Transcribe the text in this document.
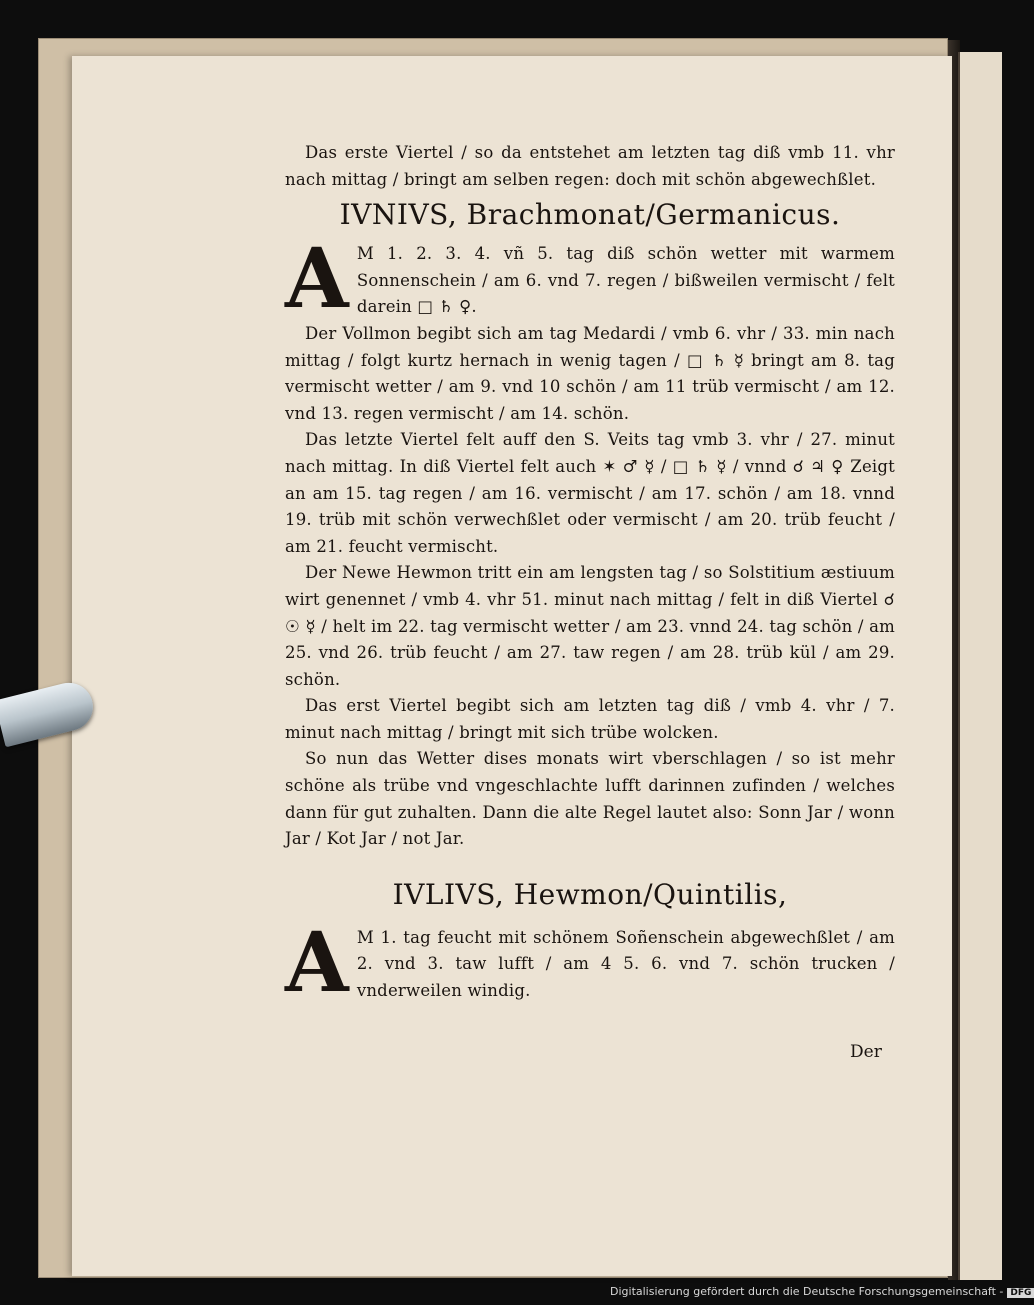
Das erste Viertel / so da entstehet am letzten tag diß vmb 11. vhr nach mittag / bringt am selben regen: doch mit schön abgewechßlet.

IVNIVS, Brachmonat/Germanicus.

A M 1. 2. 3. 4. vñ 5. tag diß schön wetter mit warmem Sonnenschein / am 6. vnd 7. regen / bißweilen vermischt / felt darein □ ♄ ♀.

Der Vollmon begibt sich am tag Medardi / vmb 6. vhr / 33. min nach mittag / folgt kurtz hernach in wenig tagen / □ ♄ ☿ bringt am 8. tag vermischt wetter / am 9. vnd 10 schön / am 11 trüb vermischt / am 12. vnd 13. regen vermischt / am 14. schön.

Das letzte Viertel felt auff den S. Veits tag vmb 3. vhr / 27. minut nach mittag. In diß Viertel felt auch ✶ ♂ ☿ / □ ♄ ☿ / vnnd ☌ ♃ ♀ Zeigt an am 15. tag regen / am 16. vermischt / am 17. schön / am 18. vnnd 19. trüb mit schön verwechßlet oder vermischt / am 20. trüb feucht / am 21. feucht vermischt.

Der Newe Hewmon tritt ein am lengsten tag / so Solstitium æstiuum wirt genennet / vmb 4. vhr 51. minut nach mittag / felt in diß Viertel ☌ ☉ ☿ / helt im 22. tag vermischt wetter / am 23. vnnd 24. tag schön / am 25. vnd 26. trüb feucht / am 27. taw regen / am 28. trüb kül / am 29. schön.

Das erst Viertel begibt sich am letzten tag diß / vmb 4. vhr / 7. minut nach mittag / bringt mit sich trübe wolcken.

So nun das Wetter dises monats wirt vberschlagen / so ist mehr schöne als trübe vnd vngeschlachte lufft darinnen zufinden / welches dann für gut zuhalten. Dann die alte Regel lautet also: Sonn Jar / wonn Jar / Kot Jar / not Jar.

IVLIVS, Hewmon/Quintilis,

A M 1. tag feucht mit schönem Soñenschein abgewechßlet / am 2. vnd 3. taw lufft / am 4 5. 6. vnd 7. schön trucken / vnderweilen windig.

Der
Digitalisierung gefördert durch die Deutsche Forschungsgemeinschaft - DFG
